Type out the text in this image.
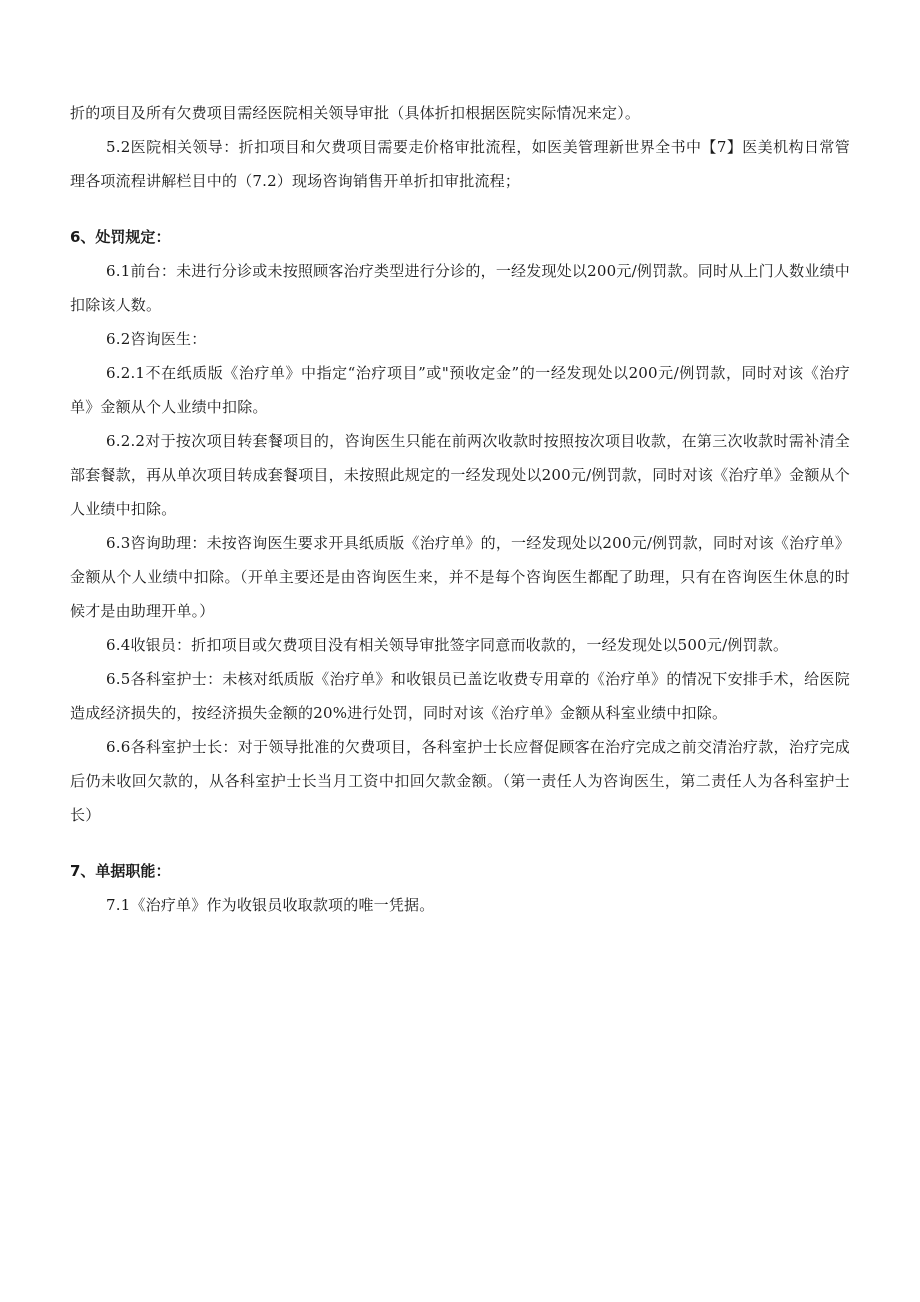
折的项目及所有欠费项目需经医院相关领导审批（具体折扣根据医院实际情况来定）。

5.2医院相关领导：折扣项目和欠费项目需要走价格审批流程，如医美管理新世界全书中【7】医美机构日常管理各项流程讲解栏目中的（7.2）现场咨询销售开单折扣审批流程；

6、处罚规定：

6.1前台：未进行分诊或未按照顾客治疗类型进行分诊的，一经发现处以200元/例罚款。同时从上门人数业绩中扣除该人数。

6.2咨询医生：

6.2.1不在纸质版《治疗单》中指定“治疗项目”或"预收定金”的一经发现处以200元/例罚款，同时对该《治疗单》金额从个人业绩中扣除。

6.2.2对于按次项目转套餐项目的，咨询医生只能在前两次收款时按照按次项目收款，在第三次收款时需补清全部套餐款，再从单次项目转成套餐项目，未按照此规定的一经发现处以200元/例罚款，同时对该《治疗单》金额从个人业绩中扣除。

6.3咨询助理：未按咨询医生要求开具纸质版《治疗单》的，一经发现处以200元/例罚款，同时对该《治疗单》金额从个人业绩中扣除。（开单主要还是由咨询医生来，并不是每个咨询医生都配了助理，只有在咨询医生休息的时候才是由助理开单。）

6.4收银员：折扣项目或欠费项目没有相关领导审批签字同意而收款的，一经发现处以500元/例罚款。

6.5各科室护士：未核对纸质版《治疗单》和收银员已盖讫收费专用章的《治疗单》的情况下安排手术，给医院造成经济损失的，按经济损失金额的20%进行处罚，同时对该《治疗单》金额从科室业绩中扣除。

6.6各科室护士长：对于领导批准的欠费项目，各科室护士长应督促顾客在治疗完成之前交清治疗款，治疗完成后仍未收回欠款的，从各科室护士长当月工资中扣回欠款金额。（第一责任人为咨询医生，第二责任人为各科室护士长）

7、单据职能：

7.1《治疗单》作为收银员收取款项的唯一凭据。
